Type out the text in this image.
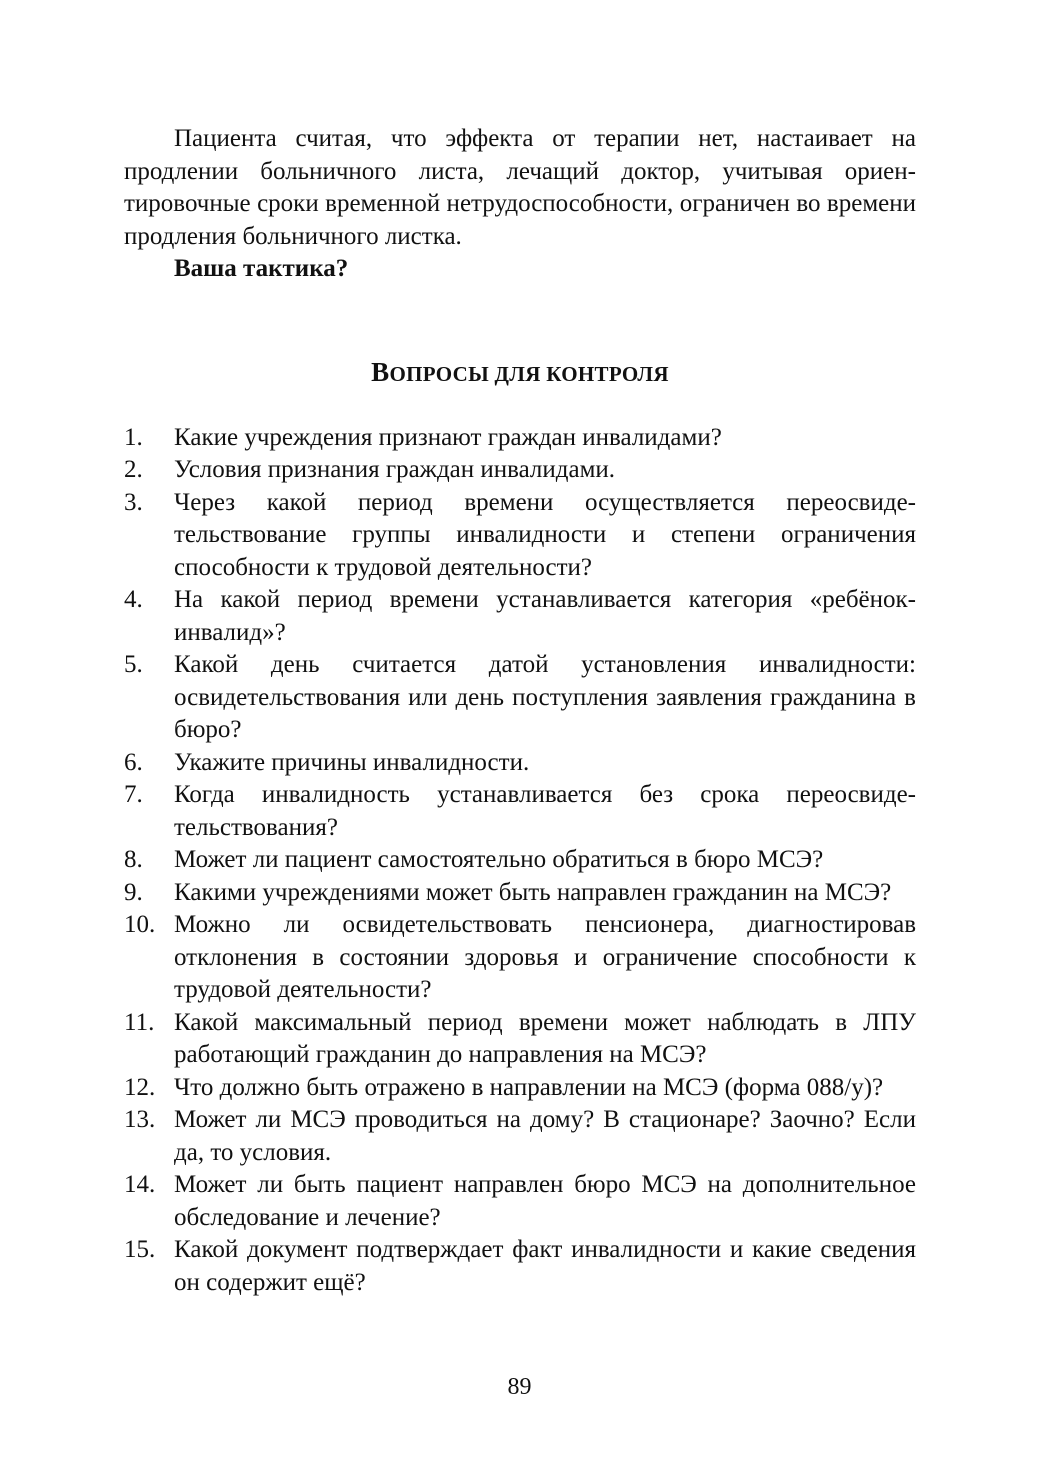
Пациента считая, что эффекта от терапии нет, настаивает на продлении больничного листа, лечащий доктор, учитывая ориентировочные сроки временной нетрудоспособности, ограничен во времени продления больничного листка.

Ваша тактика?

ВОПРОСЫ ДЛЯ КОНТРОЛЯ
1. Какие учреждения признают граждан инвалидами?
2. Условия признания граждан инвалидами.
3. Через какой период времени осуществляется переосвидетельствование группы инвалидности и степени ограничения способности к трудовой деятельности?
4. На какой период времени устанавливается категория «ребёнок-инвалид»?
5. Какой день считается датой установления инвалидности: освидетельствования или день поступления заявления гражданина в бюро?
6. Укажите причины инвалидности.
7. Когда инвалидность устанавливается без срока переосвидетельствования?
8. Может ли пациент самостоятельно обратиться в бюро МСЭ?
9. Какими учреждениями может быть направлен гражданин на МСЭ?
10. Можно ли освидетельствовать пенсионера, диагностировав отклонения в состоянии здоровья и ограничение способности к трудовой деятельности?
11. Какой максимальный период времени может наблюдать в ЛПУ работающий гражданин до направления на МСЭ?
12. Что должно быть отражено в направлении на МСЭ (форма 088/у)?
13. Может ли МСЭ проводиться на дому? В стационаре? Заочно? Если да, то условия.
14. Может ли быть пациент направлен бюро МСЭ на дополнительное обследование и лечение?
15. Какой документ подтверждает факт инвалидности и какие сведения он содержит ещё?
89
